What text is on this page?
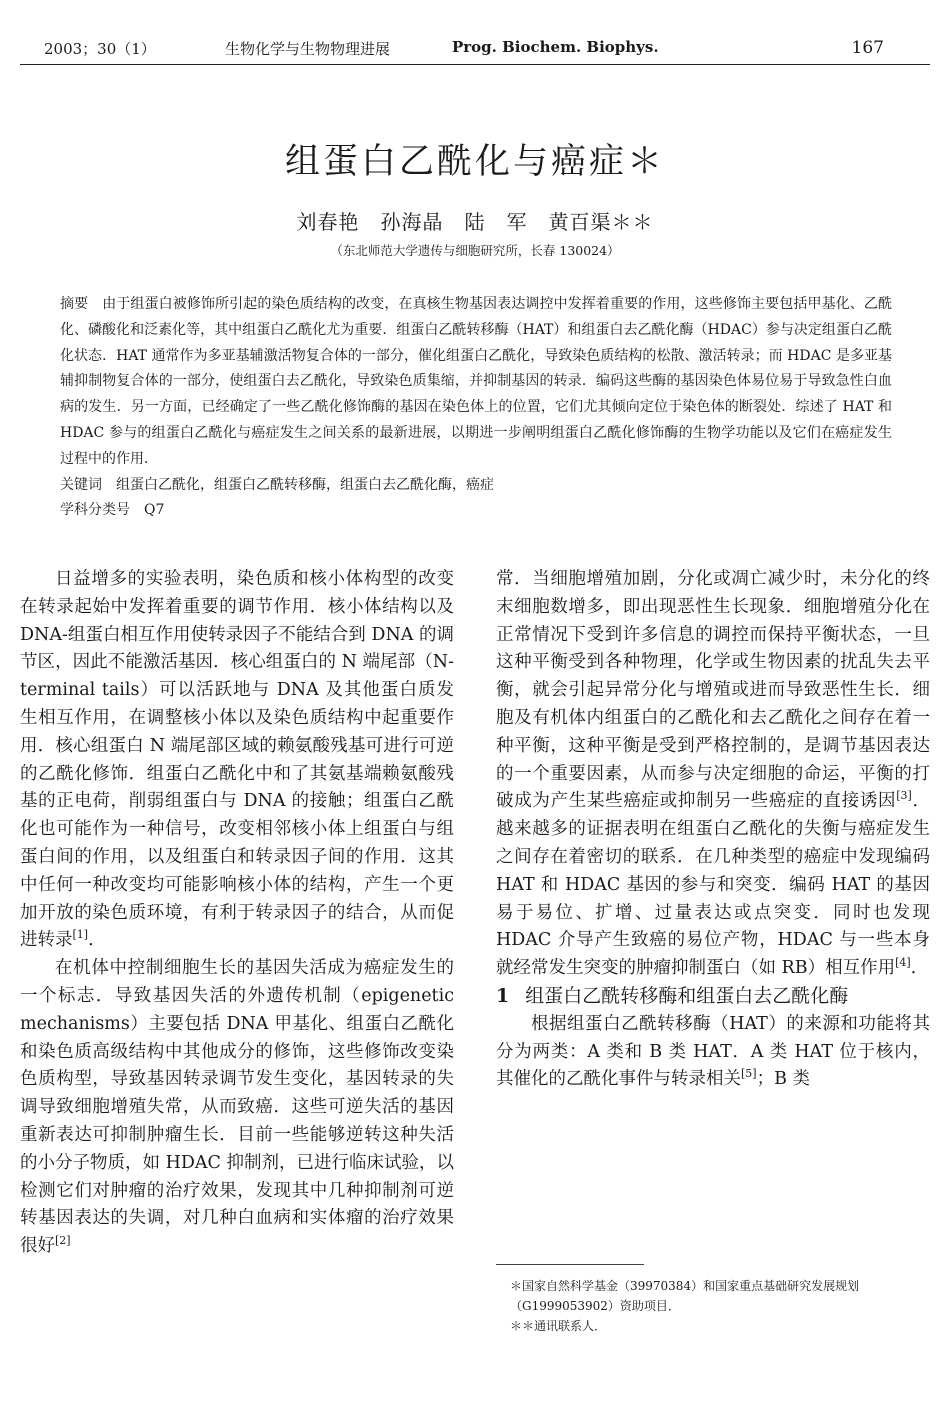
2003；30（1）	生物化学与生物物理进展	Prog. Biochem. Biophys.	167
组蛋白乙酰化与癌症＊
刘春艳　孙海晶　陆　军　黄百渠＊＊
（东北师范大学遗传与细胞研究所，长春 130024）

摘要 由于组蛋白被修饰所引起的染色质结构的改变，在真核生物基因表达调控中发挥着重要的作用，这些修饰主要包括甲基化、乙酰化、磷酸化和泛素化等，其中组蛋白乙酰化尤为重要．组蛋白乙酰转移酶（HAT）和组蛋白去乙酰化酶（HDAC）参与决定组蛋白乙酰化状态．HAT 通常作为多亚基辅激活物复合体的一部分，催化组蛋白乙酰化，导致染色质结构的松散、激活转录；而 HDAC 是多亚基辅抑制物复合体的一部分，使组蛋白去乙酰化，导致染色质集缩，并抑制基因的转录．编码这些酶的基因染色体易位易于导致急性白血病的发生．另一方面，已经确定了一些乙酰化修饰酶的基因在染色体上的位置，它们尤其倾向定位于染色体的断裂处．综述了 HAT 和 HDAC 参与的组蛋白乙酰化与癌症发生之间关系的最新进展，以期进一步阐明组蛋白乙酰化修饰酶的生物学功能以及它们在癌症发生过程中的作用．

关键词 组蛋白乙酰化，组蛋白乙酰转移酶，组蛋白去乙酰化酶，癌症

学科分类号 Q7

日益增多的实验表明，染色质和核小体构型的改变在转录起始中发挥着重要的调节作用．核小体结构以及 DNA-组蛋白相互作用使转录因子不能结合到 DNA 的调节区，因此不能激活基因．核心组蛋白的 N 端尾部（N-terminal tails）可以活跃地与 DNA 及其他蛋白质发生相互作用，在调整核小体以及染色质结构中起重要作用．核心组蛋白 N 端尾部区域的赖氨酸残基可进行可逆的乙酰化修饰．组蛋白乙酰化中和了其氨基端赖氨酸残基的正电荷，削弱组蛋白与 DNA 的接触；组蛋白乙酰化也可能作为一种信号，改变相邻核小体上组蛋白与组蛋白间的作用，以及组蛋白和转录因子间的作用．这其中任何一种改变均可能影响核小体的结构，产生一个更加开放的染色质环境，有利于转录因子的结合，从而促进转录[1]．

在机体中控制细胞生长的基因失活成为癌症发生的一个标志．导致基因失活的外遗传机制（epigenetic mechanisms）主要包括 DNA 甲基化、组蛋白乙酰化和染色质高级结构中其他成分的修饰，这些修饰改变染色质构型，导致基因转录调节发生变化，基因转录的失调导致细胞增殖失常，从而致癌．这些可逆失活的基因重新表达可抑制肿瘤生长．目前一些能够逆转这种失活的小分子物质，如 HDAC 抑制剂，已进行临床试验，以检测它们对肿瘤的治疗效果，发现其中几种抑制剂可逆转基因表达的失调，对几种白血病和实体瘤的治疗效果很好[2]

常．当细胞增殖加剧，分化或凋亡减少时，未分化的终末细胞数增多，即出现恶性生长现象．细胞增殖分化在正常情况下受到许多信息的调控而保持平衡状态，一旦这种平衡受到各种物理，化学或生物因素的扰乱失去平衡，就会引起异常分化与增殖或进而导致恶性生长．细胞及有机体内组蛋白的乙酰化和去乙酰化之间存在着一种平衡，这种平衡是受到严格控制的，是调节基因表达的一个重要因素，从而参与决定细胞的命运，平衡的打破成为产生某些癌症或抑制另一些癌症的直接诱因[3]．越来越多的证据表明在组蛋白乙酰化的失衡与癌症发生之间存在着密切的联系．在几种类型的癌症中发现编码 HAT 和 HDAC 基因的参与和突变．编码 HAT 的基因易于易位、扩增、过量表达或点突变．同时也发现 HDAC 介导产生致癌的易位产物，HDAC 与一些本身就经常发生突变的肿瘤抑制蛋白（如 RB）相互作用[4]．

1 组蛋白乙酰转移酶和组蛋白去乙酰化酶

根据组蛋白乙酰转移酶（HAT）的来源和功能将其分为两类：A 类和 B 类 HAT．A 类 HAT 位于核内，其催化的乙酰化事件与转录相关[5]；B 类

＊国家自然科学基金（39970384）和国家重点基础研究发展规划（G1999053902）资助项目．
＊＊通讯联系人．
